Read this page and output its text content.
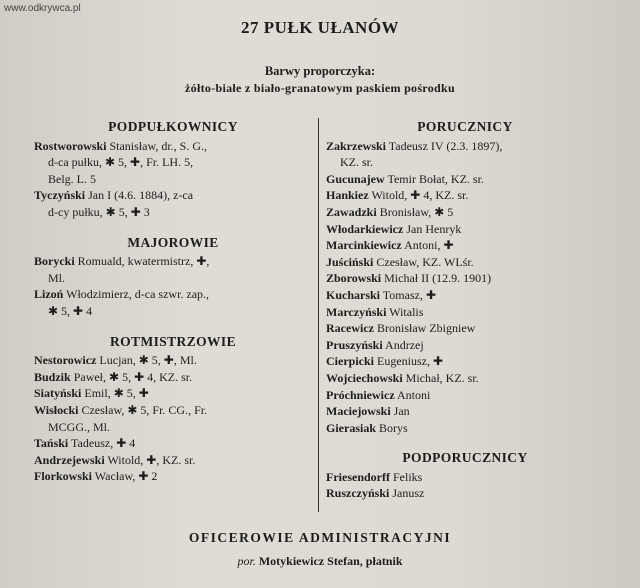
www.odkrywca.pl
27 PUŁK UŁANÓW
Barwy proporczyka:
żółto-białe z biało-granatowym paskiem pośrodku
PODPUŁKOWNICY
Rostworowski Stanisław, dr., S. G.,
d-ca pułku, ✱ 5, ✚, Fr. LH. 5,
Belg. L. 5
Tyczyński Jan I (4.6. 1884), z-ca
d-cy pułku, ✱ 5, ✚ 3
MAJOROWIE
Borycki Romuald, kwatermistrz, ✚,
Ml.
Lizoń Włodzimierz, d-ca szwr. zap.,
✱ 5, ✚ 4
ROTMISTRZOWIE
Nestorowicz Lucjan, ✱ 5, ✚, Ml.
Budzik Paweł, ✱ 5, ✚ 4, KZ. sr.
Siatyński Emil, ✱ 5, ✚
Wisłocki Czesław, ✱ 5, Fr. CG., Fr.
MCGG., Ml.
Tański Tadeusz, ✚ 4
Andrzejewski Witold, ✚, KZ. sr.
Florkowski Wacław, ✚ 2
PORUCZNICY
Zakrzewski Tadeusz IV (2.3. 1897),
KZ. sr.
Gucunajew Temir Bołat, KZ. sr.
Hankiez Witold, ✚ 4, KZ. sr.
Zawadzki Bronisław, ✱ 5
Włodarkiewicz Jan Henryk
Marcinkiewicz Antoni, ✚
Juściński Czesław, KZ. WLśr.
Zborowski Michał II (12.9. 1901)
Kucharski Tomasz, ✚
Marczyński Witalis
Racewicz Bronisław Zbigniew
Pruszyński Andrzej
Cierpicki Eugeniusz, ✚
Wojciechowski Michał, KZ. sr.
Próchniewicz Antoni
Maciejowski Jan
Gierasiak Borys
PODPORUCZNICY
Friesendorff Feliks
Ruszczyński Janusz
OFICEROWIE ADMINISTRACYJNI
por. Motykiewicz Stefan, płatnik
